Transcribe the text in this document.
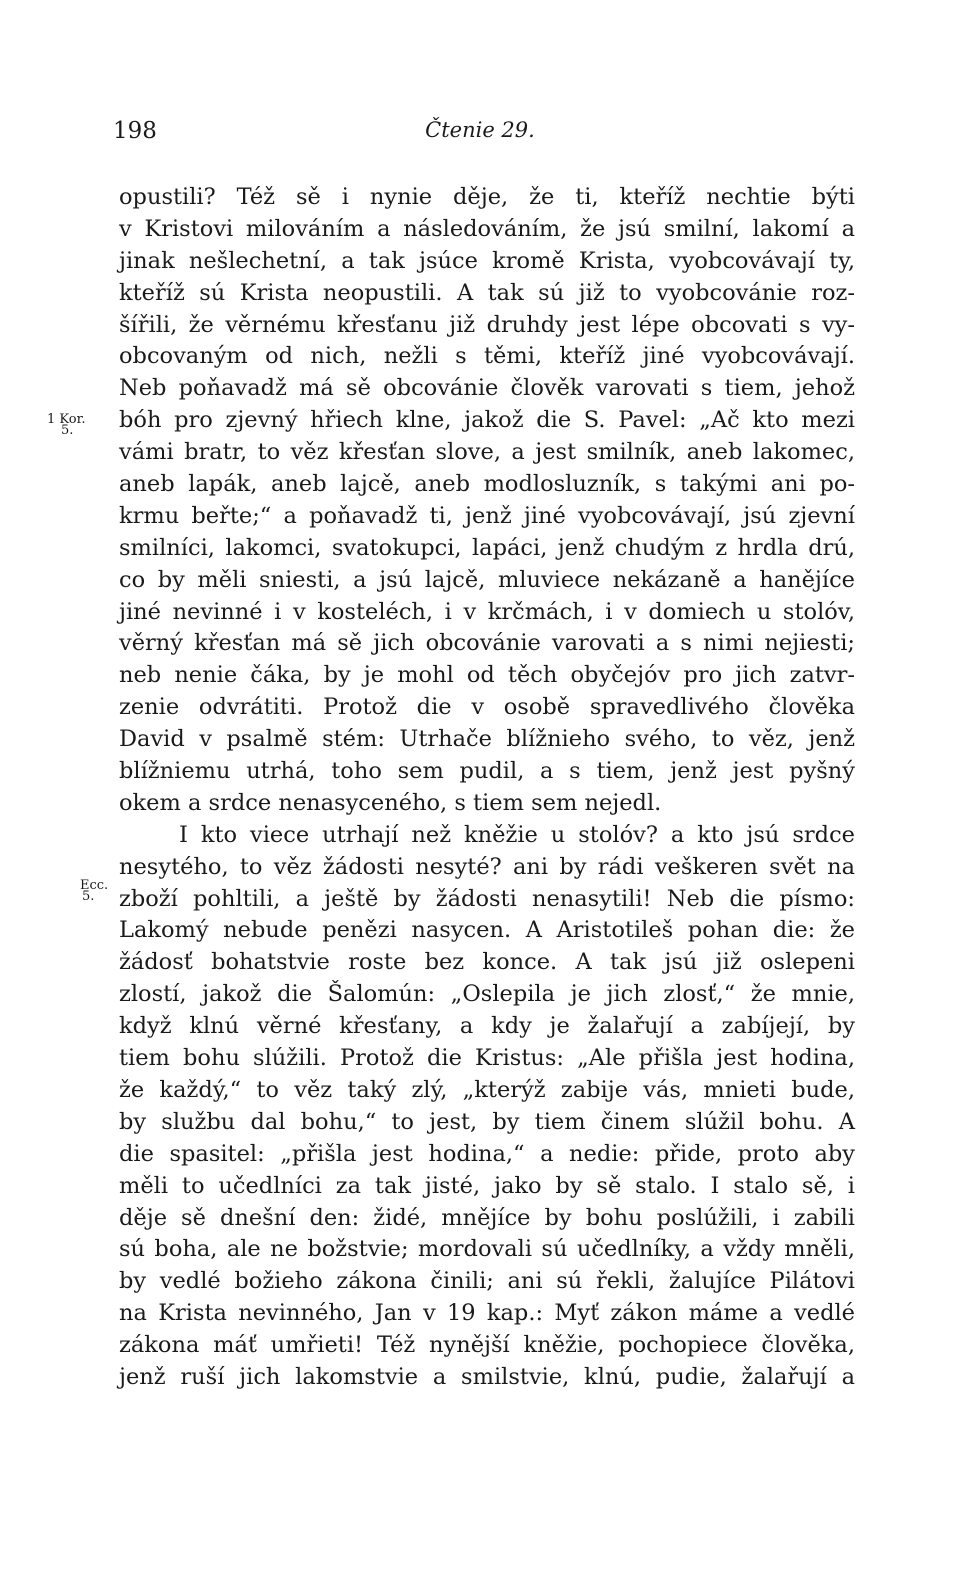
198	Čtenie 29.
1 Kor.
5.
Ecc.
5.
opustili? Též sě i nynie děje, že ti, kteříž nechtie býti
v Kristovi milováním a následováním, že jsú smilní, lakomí a
jinak nešlechetní, a tak jsúce kromě Krista, vyobcovávají ty,
kteříž sú Krista neopustili. A tak sú již to vyobcovánie roz-
šířili, že věrnému křesťanu již druhdy jest lépe obcovati s vy-
obcovaným od nich, nežli s těmi, kteříž jiné vyobcovávají.
Neb poňavadž má sě obcovánie člověk varovati s tiem, jehož
bóh pro zjevný hřiech klne, jakož die S. Pavel: „Ač kto mezi
vámi bratr, to věz křesťan slove, a jest smilník, aneb lakomec,
aneb lapák, aneb lajcě, aneb modlosluzník, s takými ani po-
krmu beřte;“ a poňavadž ti, jenž jiné vyobcovávají, jsú zjevní
smilníci, lakomci, svatokupci, lapáci, jenž chudým z hrdla drú,
co by měli sniesti, a jsú lajcě, mluviece nekázaně a hanějíce
jiné nevinné i v kosteléch, i v krčmách, i v domiech u stolóv,
věrný křesťan má sě jich obcovánie varovati a s nimi nejiesti;
neb nenie čáka, by je mohl od těch obyčejóv pro jich zatvr-
zenie odvrátiti. Protož die v osobě spravedlivého člověka
David v psalmě stém: Utrhače blížnieho svého, to věz, jenž
blížniemu utrhá, toho sem pudil, a s tiem, jenž jest pyšný
okem a srdce nenasyceného, s tiem sem nejedl.
I kto viece utrhají než kněžie u stolóv? a kto jsú srdce
nesytého, to věz žádosti nesyté? ani by rádi veškeren svět na
zboží pohltili, a ještě by žádosti nenasytili! Neb die písmo:
Lakomý nebude penězi nasycen. A Aristotileš pohan die: že
žádosť bohatstvie roste bez konce. A tak jsú již oslepeni
zlostí, jakož die Šalomún: „Oslepila je jich zlosť,“ že mnie,
když klnú věrné křesťany, a kdy je žalařují a zabíjejí, by
tiem bohu slúžili. Protož die Kristus: „Ale přišla jest hodina,
že každý,“ to věz taký zlý, „kterýž zabije vás, mnieti bude,
by službu dal bohu,“ to jest, by tiem činem slúžil bohu. A
die spasitel: „přišla jest hodina,“ a nedie: přide, proto aby
měli to učedlníci za tak jisté, jako by sě stalo. I stalo sě, i
děje sě dnešní den: židé, mnějíce by bohu poslúžili, i zabili
sú boha, ale ne božstvie; mordovali sú učedlníky, a vždy mněli,
by vedlé božieho zákona činili; ani sú řekli, žalujíce Pilátovi
na Krista nevinného, Jan v 19 kap.: Myť zákon máme a vedlé
zákona máť umřieti! Též nynější kněžie, pochopiece člověka,
jenž ruší jich lakomstvie a smilstvie, klnú, pudie, žalařují a
